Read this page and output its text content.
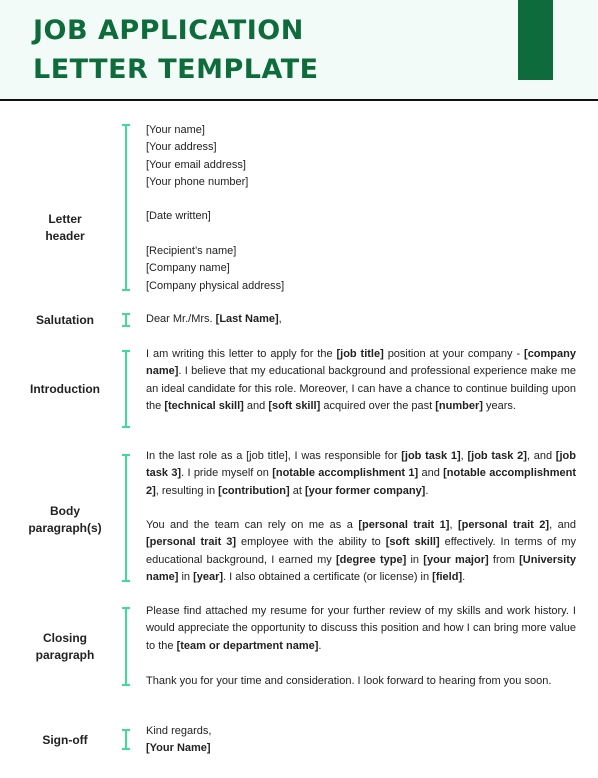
JOB APPLICATION
LETTER TEMPLATE
Letter
header
[Your name]
[Your address]
[Your email address]
[Your phone number]
[Date written]
[Recipient’s name]
[Company name]
[Company physical address]
Salutation	Dear Mr./Mrs. [Last Name],
Introduction

I am writing this letter to apply for the [job title] position at your company - [company name]. I believe that my educational background and professional experience make me an ideal candidate for this role. Moreover, I can have a chance to continue building upon the [technical skill] and [soft skill] acquired over the past [number] years.

Body
paragraph(s)

In the last role as a [job title], I was responsible for [job task 1], [job task 2], and [job task 3]. I pride myself on [notable accomplishment 1] and [notable accomplishment 2], resulting in [contribution] at [your former company].

You and the team can rely on me as a [personal trait 1], [personal trait 2], and [personal trait 3] employee with the ability to [soft skill] effectively. In terms of my educational background, I earned my [degree type] in [your major] from [University name] in [year]. I also obtained a certificate (or license) in [field].

Closing
paragraph

Please find attached my resume for your further review of my skills and work history. I would appreciate the opportunity to discuss this position and how I can bring more value to the [team or department name].

Thank you for your time and consideration. I look forward to hearing from you soon.

Sign-off
Kind regards,
[Your Name]
